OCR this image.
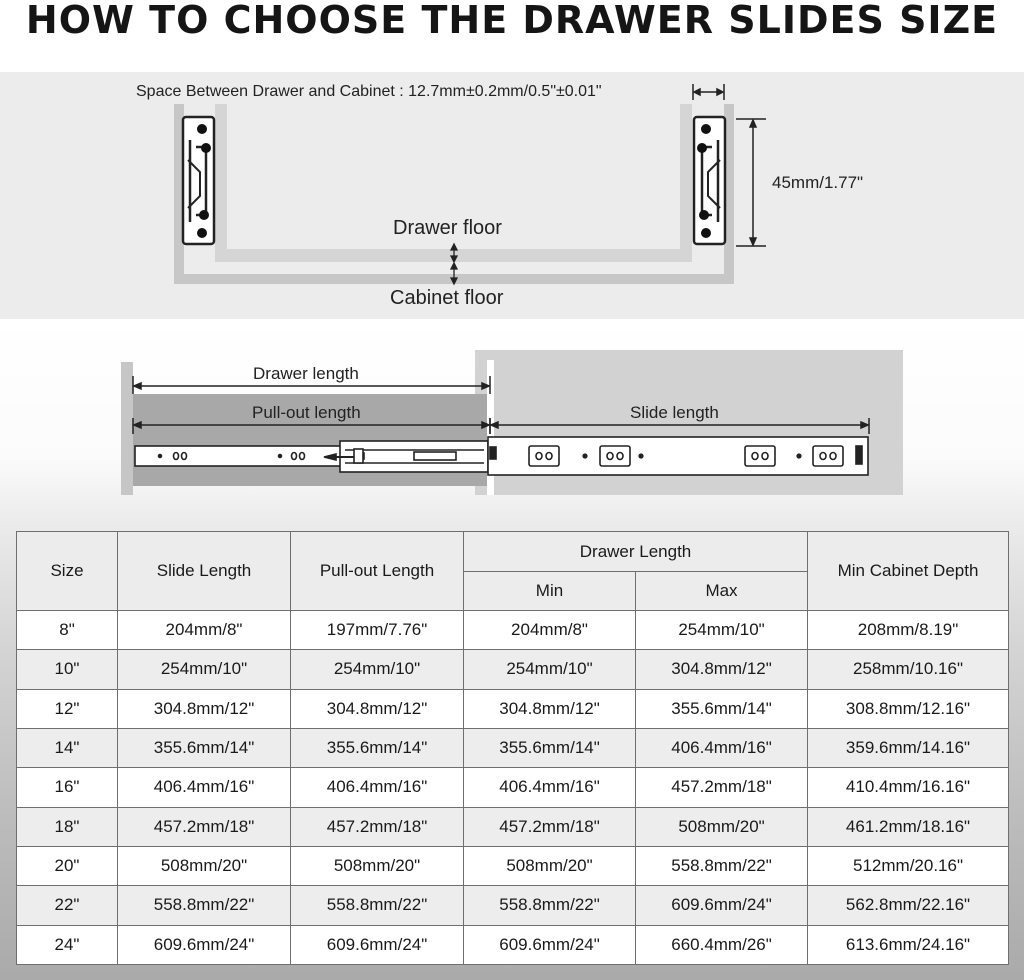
HOW TO CHOOSE THE DRAWER SLIDES SIZE
Space Between Drawer and Cabinet : 12.7mm±0.2mm/0.5"±0.01"
45mm/1.77"
Drawer floor
Cabinet floor
Drawer length
Pull-out length	Slide length
Size	Slide Length	Pull-out Length	Drawer Length		Min Cabinet Depth
			Min	Max	
8"	204mm/8"	197mm/7.76"	204mm/8"	254mm/10"	208mm/8.19"
10"	254mm/10"	254mm/10"	254mm/10"	304.8mm/12"	258mm/10.16"
12"	304.8mm/12"	304.8mm/12"	304.8mm/12"	355.6mm/14"	308.8mm/12.16"
14"	355.6mm/14"	355.6mm/14"	355.6mm/14"	406.4mm/16"	359.6mm/14.16"
16"	406.4mm/16"	406.4mm/16"	406.4mm/16"	457.2mm/18"	410.4mm/16.16"
18"	457.2mm/18"	457.2mm/18"	457.2mm/18"	508mm/20"	461.2mm/18.16"
20"	508mm/20"	508mm/20"	508mm/20"	558.8mm/22"	512mm/20.16"
22"	558.8mm/22"	558.8mm/22"	558.8mm/22"	609.6mm/24"	562.8mm/22.16"
24"	609.6mm/24"	609.6mm/24"	609.6mm/24"	660.4mm/26"	613.6mm/24.16"
